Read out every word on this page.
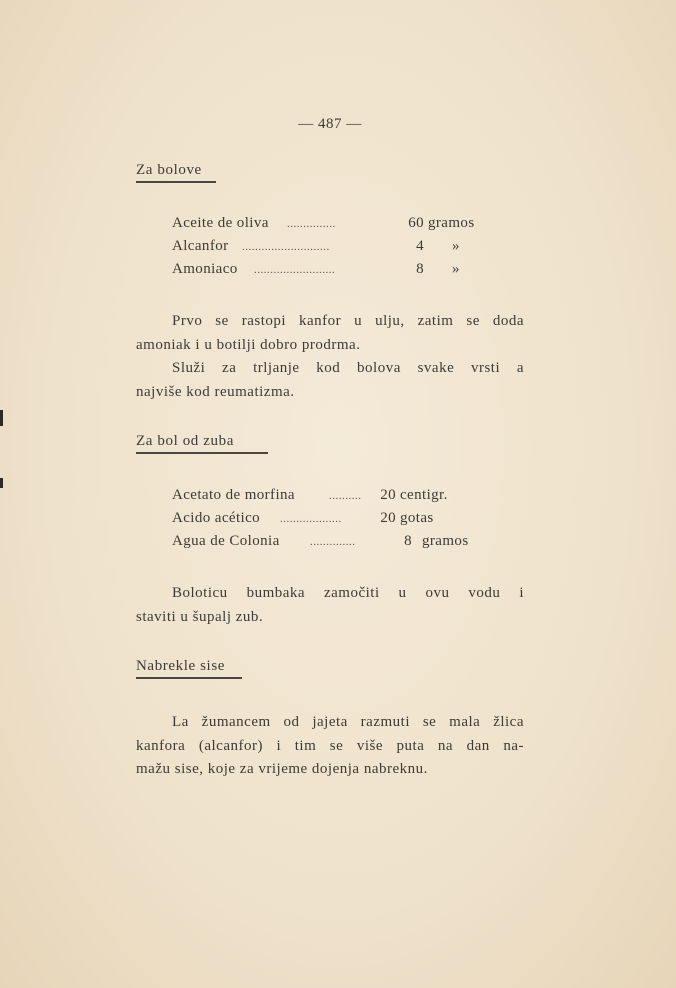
— 487 —
Za bolove
Aceite de oliva ...............	60 gramos
Alcanfor ...........................	4 »
Amoniaco .........................	8 »
Prvo se rastopi kanfor u ulju, zatim se doda
amoniak i u botilji dobro prodrma.
Služi za trljanje kod bolova svake vrsti a
najviše kod reumatizma.
Za bol od zuba
Acetato de morfina	..........	20 centigr.
Acido acético ...................	20 gotas
Agua de Colonia	..............	8 gramos
Boloticu bumbaka zamočiti u ovu vodu i
staviti u šupalj zub.
Nabrekle sise
La žumancem od jajeta razmuti se mala žlica
kanfora (alcanfor) i tim se više puta na dan na-
mažu sise, koje za vrijeme dojenja nabreknu.
